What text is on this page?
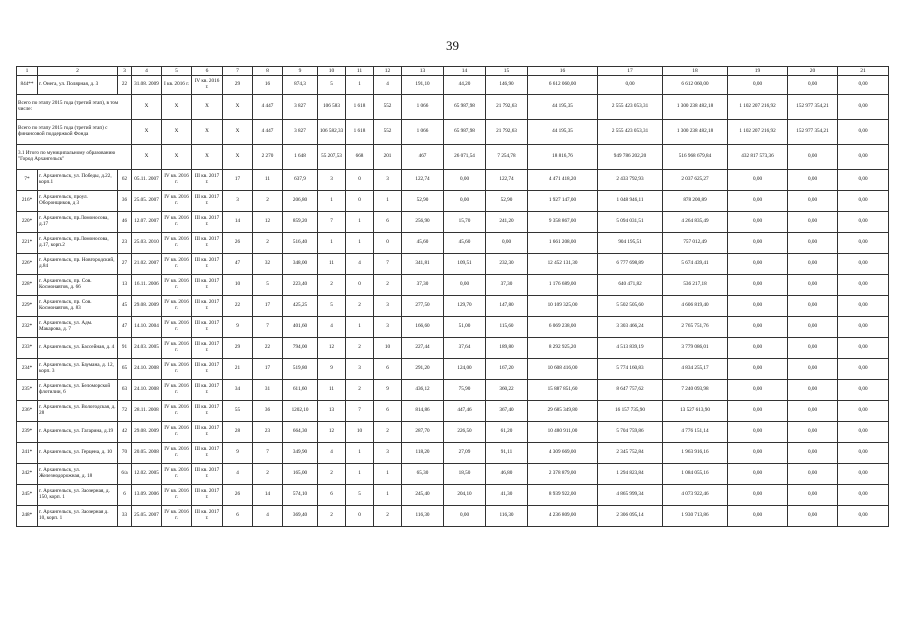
39
1	2	3	4	5	6	7	8	9	10	11	12	13	14	15	16	17	18	19	20	21	
844**	г. Онега, ул. Полярная, д. 3	22	31.08. 2009	I кв. 2016 г.	IV кв. 2016 г.	29	16	874,3	5	1	4	191,10	44,20	146,90	6 612 060,00	0,00	6 612 060,00	0,00	0,00	0,00	
Всего по этапу 2015 года (третий этап), в том числе:			X	X	X	X	4 447	3 827	106 583	1 618	552	1 066	65 987,98	21 792,63	44 195,35	2 555 423 053,31	1 300 238 482,18	1 102 207 216,92	152 977 354,21	0,00	
Всего по этапу 2015 года (третий этап) с финансовой поддержкой Фонда			X	X	X	X	4 447	3 827	106 582,33	1 618	552	1 066	65 987,98	21 792,63	44 195,35	2 555 423 053,31	1 300 238 482,18	1 102 207 216,92	152 977 354,21	0,00	
3.1 Итого по муниципальному образованию "Город Архангельск"			X	X	X	X	2 270	1 648	55 207,53	668	201	467	26 071,54	7 254,78	18 816,76	949 786 202,20	516 968 679,84	432 817 573,36	0,00	0,00	
7*	г. Архангельск, ул. Победы, д.22, корп.1	62	05.11. 2007	IV кв. 2016 г.	III кв. 2017 г.	17	11	637,9	3	0	3	122,74	0,00	122,74	4 471 418,20	2 433 792,93	2 037 625,27	0,00	0,00	0,00	
216*	г. Архангельск, проул. Оборонщиков, д 3	36	25.05. 2007	IV кв. 2016 г.	III кв. 2017 г.	3	2	206,80	1	0	1	52,90	0,00	52,90	1 927 147,00	1 048 946,11	878 200,89	0,00	0,00	0,00	
220*	г. Архангельск, пр.Ломоносова, д.17	46	12.07. 2007	IV кв. 2016 г.	III кв. 2017 г.	14	12	859,20	7	1	6	256,90	15,70	241,20	9 358 867,00	5 094 031,51	4 264 835,49	0,00	0,00	0,00	
221*	г. Архангельск, пр.Ломоносова, д.17, корп.2	23	25.03. 2010	IV кв. 2016 г.	III кв. 2017 г.	26	2	516,40	1	1	0	45,60	45,60	0,00	1 661 208,00	904 195,51	757 012,49	0,00	0,00	0,00	
226*	г. Архангельск, пр. Новгородский, д.84	27	21.02. 2007	IV кв. 2016 г.	III кв. 2017 г.	47	32	348,00	11	4	7	341,81	109,51	232,30	12 452 131,30	6 777 698,89	5 674 439,41	0,00	0,00	0,00	
228*	г. Архангельск, пр. Сов. Космонавтов, д. 66	13	16.11. 2006	IV кв. 2016 г.	III кв. 2017 г.	10	5	223,40	2	0	2	37,30	0,00	37,30	1 176 689,00	640 471,82	536 217,18	0,00	0,00	0,00	
229*	г. Архангельск, пр. Сов. Космонавтов, д. 83	45	29.08. 2009	IV кв. 2016 г.	III кв. 2017 г.	22	17	425,25	5	2	3	277,50	129,70	147,80	10 109 325,00	5 502 505,60	4 606 819,40	0,00	0,00	0,00	
232*	г. Архангельск, ул. Адм. Макарова, д. 7	47	14.10. 2004	IV кв. 2016 г.	III кв. 2017 г.	9	7	401,60	4	1	3	166,60	51,00	115,60	6 069 238,00	3 303 466,24	2 765 751,76	0,00	0,00	0,00	
233*	г. Архангельск, ул. Бассейная, д. 4	91	24.03. 2005	IV кв. 2016 г.	III кв. 2017 г.	29	22	794,00	12	2	10	227,44	37,64	189,80	8 292 925,20	4 513 839,19	3 779 086,01	0,00	0,00	0,00	
234*	г. Архангельск, ул. Баумана, д. 12, корп. 3	65	24.10. 2008	IV кв. 2016 г.	III кв. 2017 г.	21	17	519,80	9	3	6	291,20	124,00	167,20	10 608 416,00	5 774 160,83	4 834 255,17	0,00	0,00	0,00	
235*	г. Архангельск, ул. Беломорской флотилии, 6	63	24.10. 2008	IV кв. 2016 г.	III кв. 2017 г.	34	31	611,60	11	2	9	436,12	75,90	360,22	15 887 851,60	8 647 757,62	7 240 093,98	0,00	0,00	0,00	
236*	г. Архангельск, ул. Вологодская, д. 28	72	28.11. 2008	IV кв. 2016 г.	III кв. 2017 г.	55	36	1202,10	13	7	6	814,86	447,46	367,40	29 685 349,80	16 157 735,90	13 527 613,90	0,00	0,00	0,00	
239*	г. Архангельск, ул. Гагарина, д.19	42	29.08. 2009	IV кв. 2016 г.	III кв. 2017 г.	28	23	664,30	12	10	2	287,70	226,50	61,20	10 480 911,00	5 704 759,86	4 776 151,14	0,00	0,00	0,00	
241*	г. Архангельск, ул. Герцена, д. 10	70	20.05. 2008	IV кв. 2016 г.	III кв. 2017 г.	9	7	349,90	4	1	3	118,20	27,09	91,11	4 309 669,00	2 345 752,84	1 963 916,16	0,00	0,00	0,00	
242*	г. Архангельск, ул. Железнодорожная, д. 18	6/a	12.02. 2005	IV кв. 2016 г.	III кв. 2017 г.	4	2	165,00	2	1	1	65,30	18,50	46,80	2 378 879,00	1 294 823,84	1 084 055,16	0,00	0,00	0,00	
245*	г. Архангельск, ул. Заозерная, д. 150, корп. 1	6	13.09. 2006	IV кв. 2016 г.	III кв. 2017 г.	26	14	574,10	6	5	1	245,40	204,10	41,30	8 939 922,00	4 865 999,34	4 073 922,46	0,00	0,00	0,00	
248*	г. Архангельск, ул. Заозерная д. 10, корп. 1	33	25.05. 2007	IV кв. 2016 г.	III кв. 2017 г.	6	4	369,40	2	0	2	116,30	0,00	116,30	4 236 809,00	2 306 095,14	1 930 713,86	0,00	0,00	0,00	
